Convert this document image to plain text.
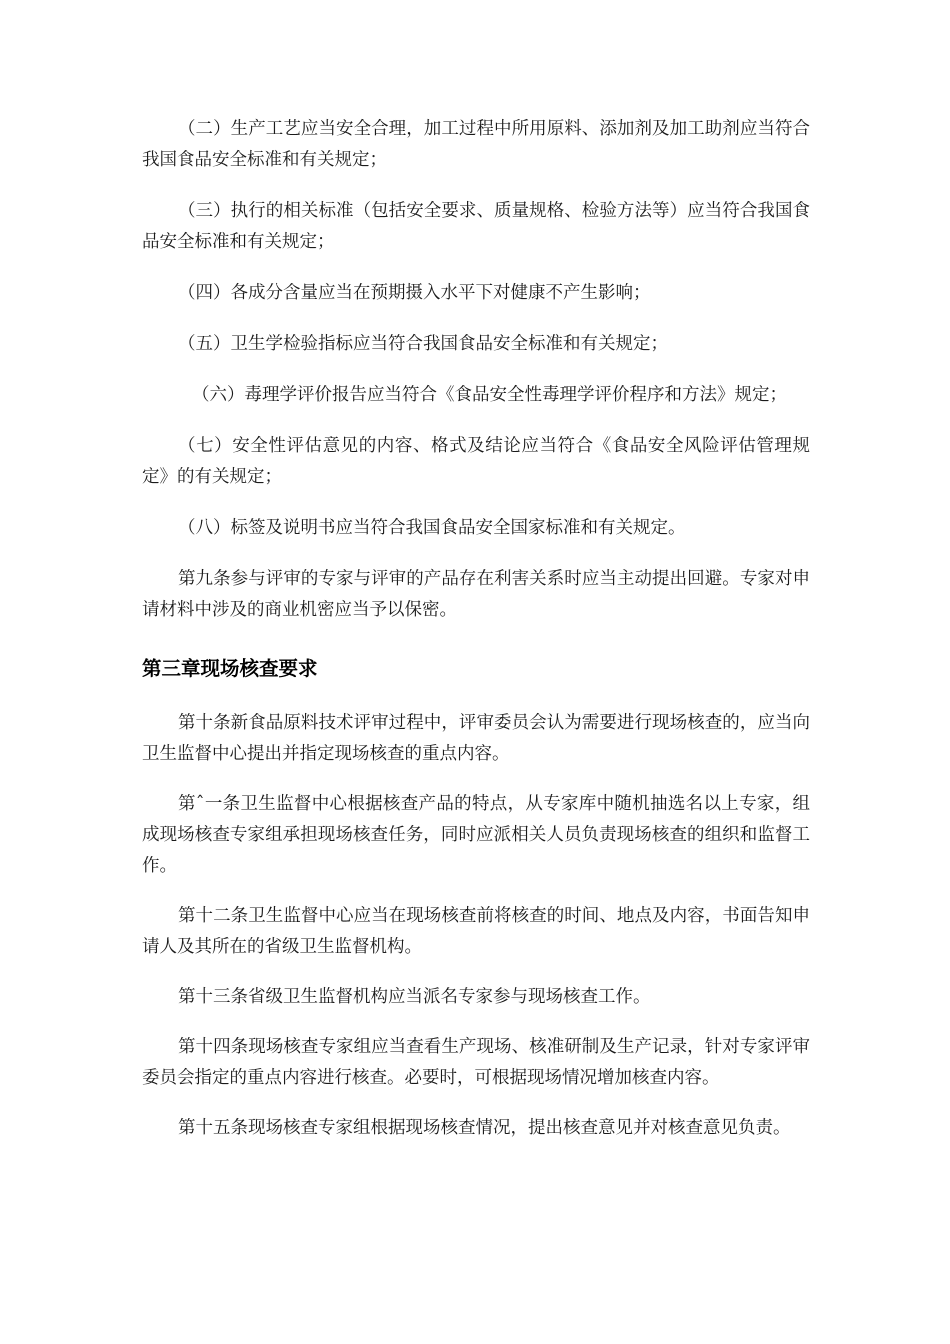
（二）生产工艺应当安全合理，加工过程中所用原料、添加剂及加工助剂应当符合我国食品安全标准和有关规定；

（三）执行的相关标准（包括安全要求、质量规格、检验方法等）应当符合我国食品安全标准和有关规定；

（四）各成分含量应当在预期摄入水平下对健康不产生影响；

（五）卫生学检验指标应当符合我国食品安全标准和有关规定；

（六）毒理学评价报告应当符合《食品安全性毒理学评价程序和方法》规定；

（七）安全性评估意见的内容、格式及结论应当符合《食品安全风险评估管理规定》的有关规定；

（八）标签及说明书应当符合我国食品安全国家标准和有关规定。

第九条参与评审的专家与评审的产品存在利害关系时应当主动提出回避。专家对申请材料中涉及的商业机密应当予以保密。

第三章现场核查要求

第十条新食品原料技术评审过程中，评审委员会认为需要进行现场核查的，应当向卫生监督中心提出并指定现场核查的重点内容。

第ˆ一条卫生监督中心根据核查产品的特点，从专家库中随机抽选名以上专家，组成现场核查专家组承担现场核查任务，同时应派相关人员负责现场核查的组织和监督工作。

第十二条卫生监督中心应当在现场核查前将核查的时间、地点及内容，书面告知申请人及其所在的省级卫生监督机构。

第十三条省级卫生监督机构应当派名专家参与现场核查工作。

第十四条现场核查专家组应当查看生产现场、核准研制及生产记录，针对专家评审委员会指定的重点内容进行核查。必要时，可根据现场情况增加核查内容。

第十五条现场核查专家组根据现场核查情况，提出核查意见并对核查意见负责。
